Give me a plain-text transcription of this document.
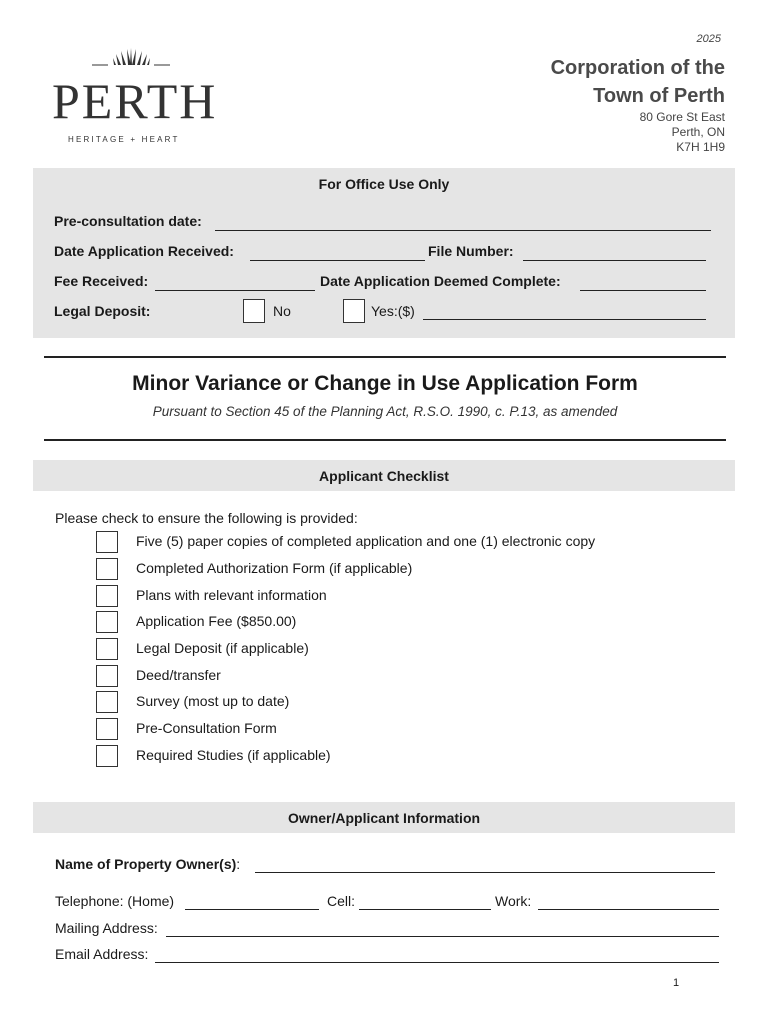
2025
Corporation of the
Town of Perth
80 Gore St East
Perth, ON
K7H 1H9
PERTH
HERITAGE + HEART
For Office Use Only
Pre-consultation date:
Date Application Received:	File Number:
Fee Received:	Date Application Deemed Complete:
Legal Deposit:	No	Yes:($)
Minor Variance or Change in Use Application Form
Pursuant to Section 45 of the Planning Act, R.S.O. 1990, c. P.13, as amended
Applicant Checklist
Please check to ensure the following is provided:
Five (5) paper copies of completed application and one (1) electronic copy
Completed Authorization Form (if applicable)
Plans with relevant information
Application Fee ($850.00)
Legal Deposit (if applicable)
Deed/transfer
Survey (most up to date)
Pre-Consultation Form
Required Studies (if applicable)
Owner/Applicant Information
Name of Property Owner(s):
Telephone: (Home)	Cell:	Work:
Mailing Address:
Email Address:
1
